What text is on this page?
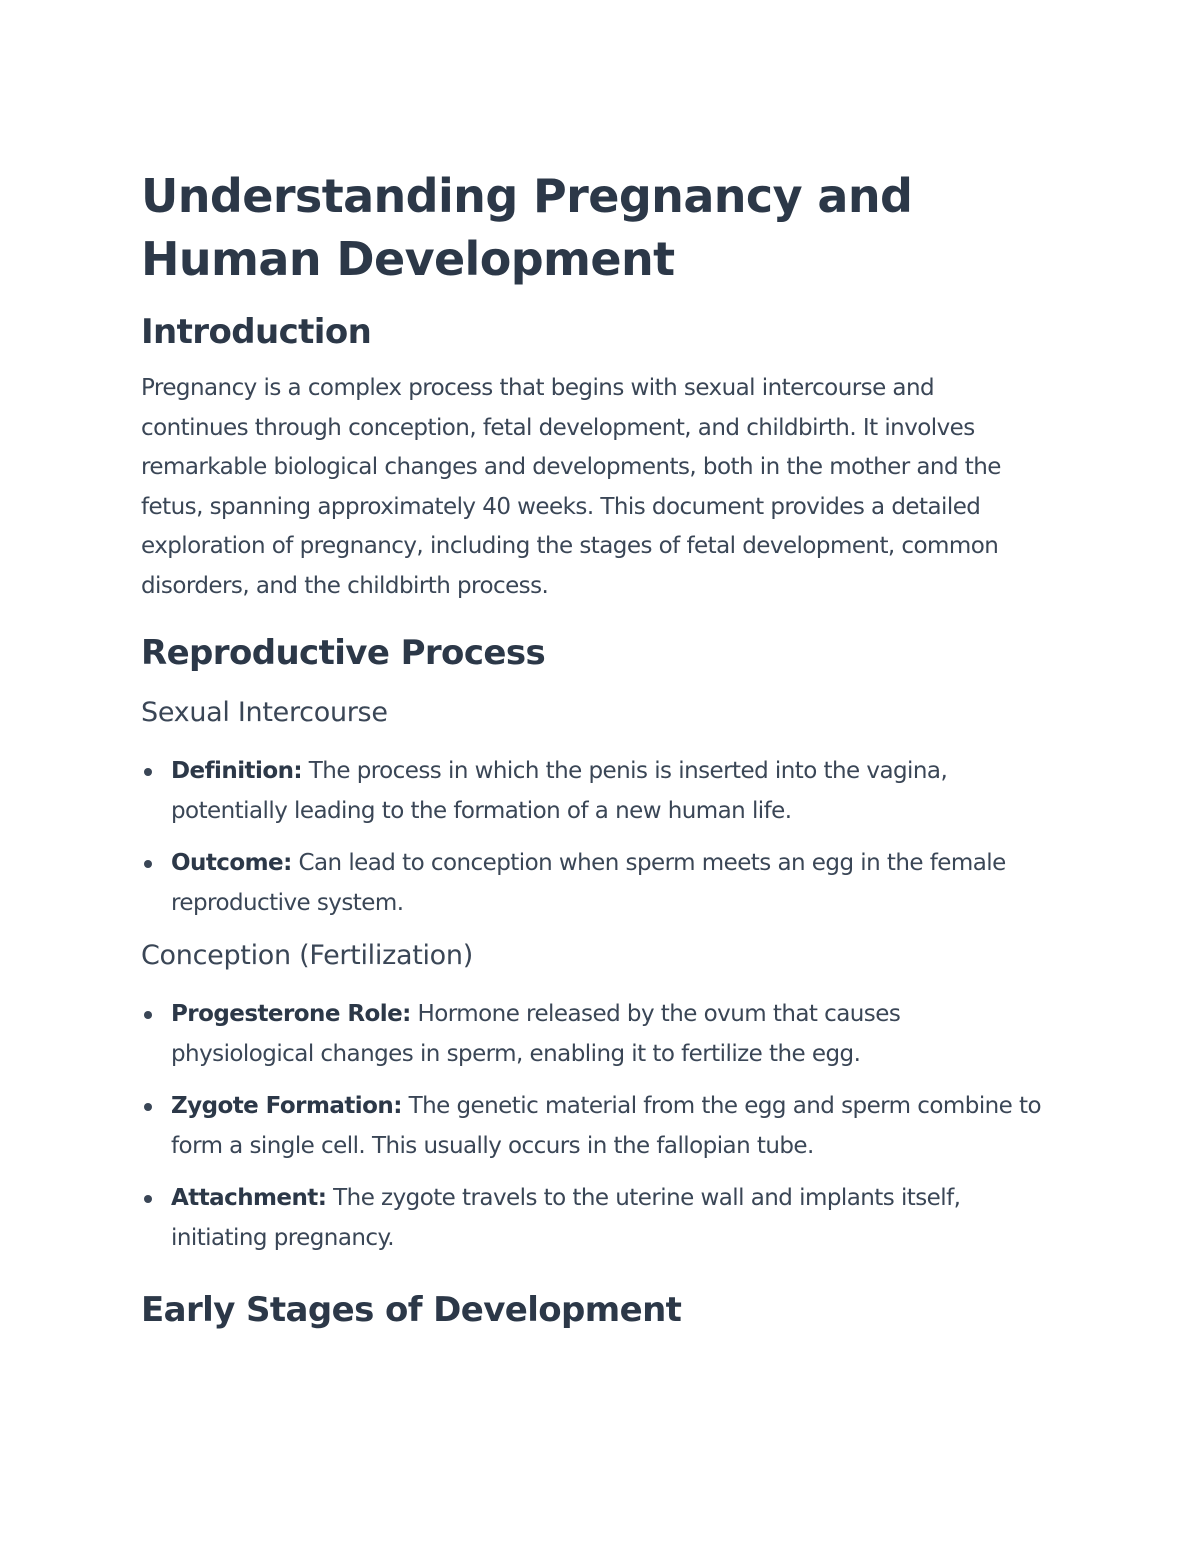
Understanding Pregnancy and Human Development
Introduction

Pregnancy is a complex process that begins with sexual intercourse and continues through conception, fetal development, and childbirth. It involves remarkable biological changes and developments, both in the mother and the fetus, spanning approximately 40 weeks. This document provides a detailed exploration of pregnancy, including the stages of fetal development, common disorders, and the childbirth process.

Reproductive Process
Sexual Intercourse
Definition: The process in which the penis is inserted into the vagina, potentially leading to the formation of a new human life.
Outcome: Can lead to conception when sperm meets an egg in the female reproductive system.
Conception (Fertilization)
Progesterone Role: Hormone released by the ovum that causes physiological changes in sperm, enabling it to fertilize the egg.
Zygote Formation: The genetic material from the egg and sperm combine to form a single cell. This usually occurs in the fallopian tube.
Attachment: The zygote travels to the uterine wall and implants itself, initiating pregnancy.
Early Stages of Development
